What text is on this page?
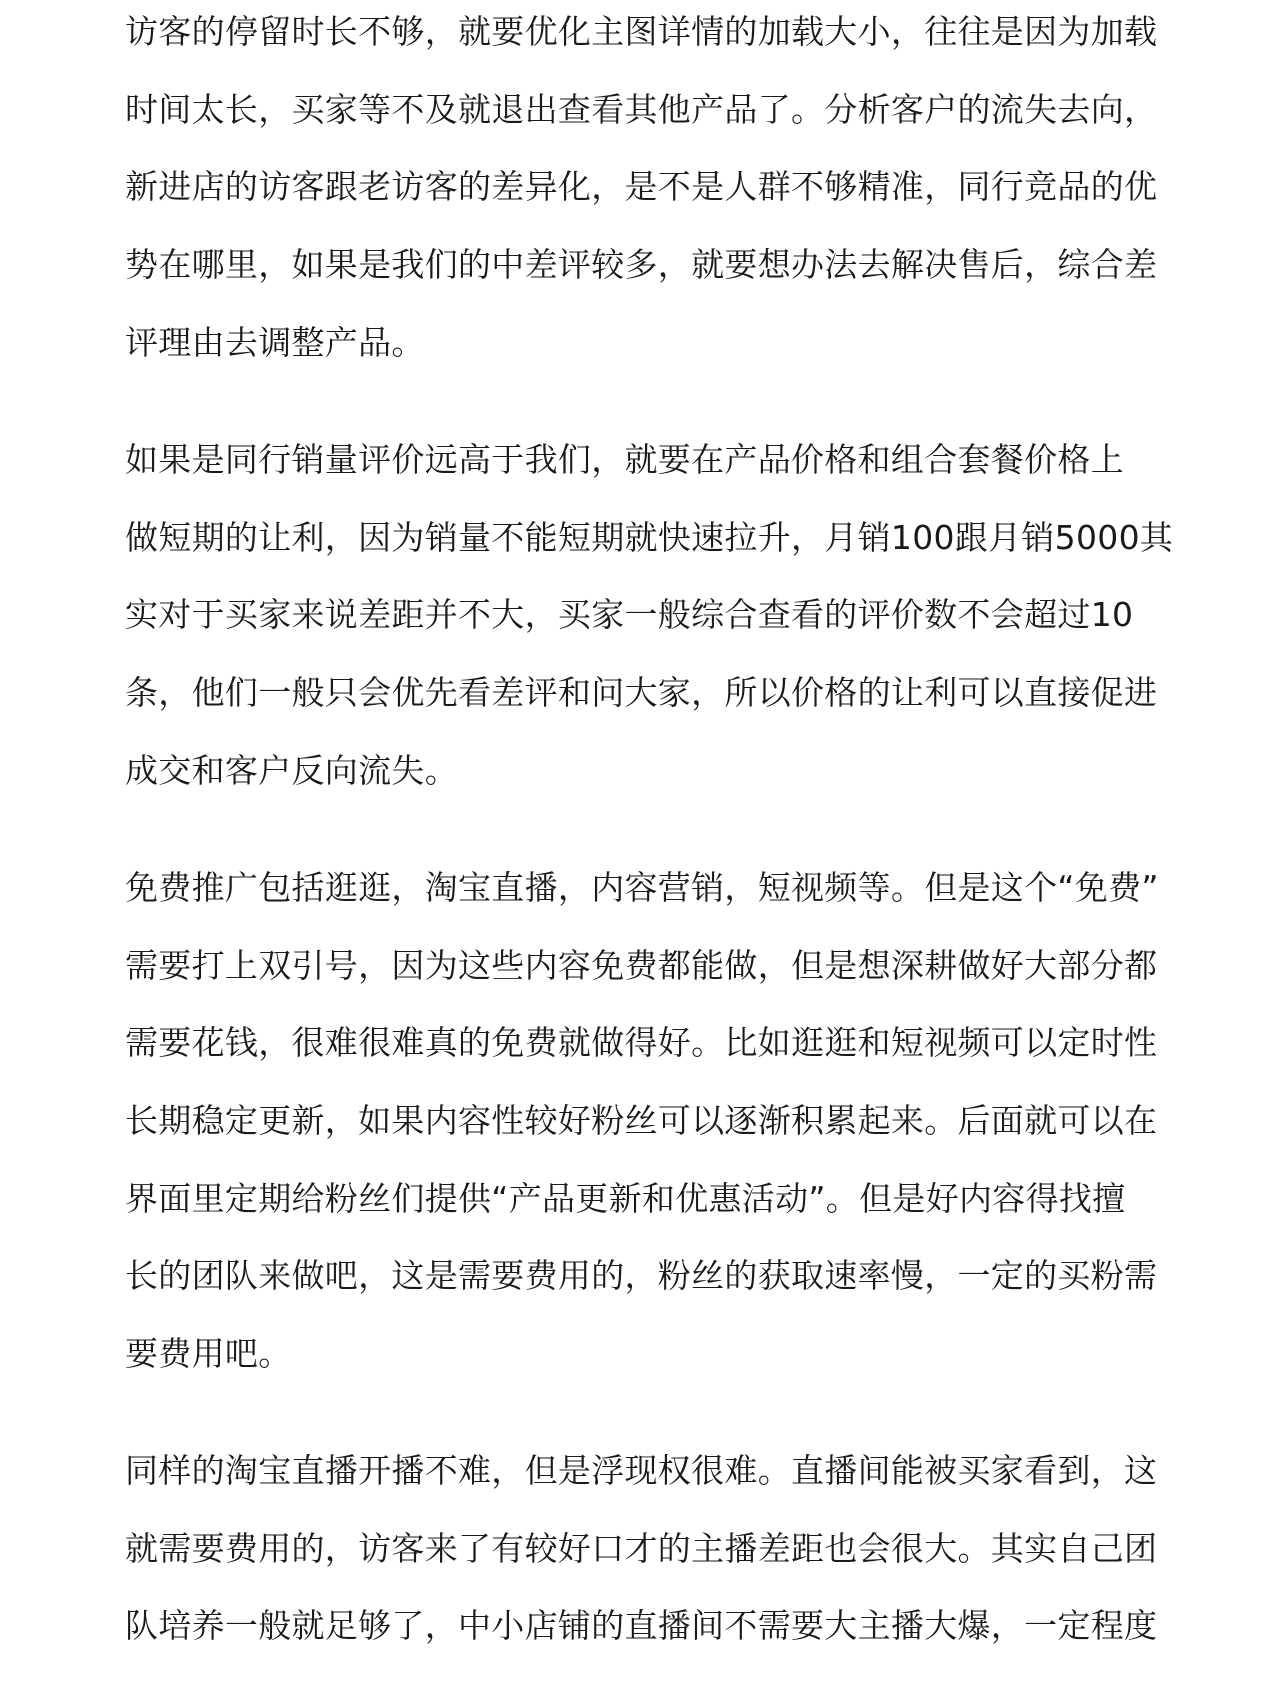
访客的停留时长不够，就要优化主图详情的加载大小，往往是因为加载
时间太长，买家等不及就退出查看其他产品了。分析客户的流失去向，
新进店的访客跟老访客的差异化，是不是人群不够精准，同行竞品的优
势在哪里，如果是我们的中差评较多，就要想办法去解决售后，综合差
评理由去调整产品。

如果是同行销量评价远高于我们，就要在产品价格和组合套餐价格上
做短期的让利，因为销量不能短期就快速拉升，月销100跟月销5000其
实对于买家来说差距并不大，买家一般综合查看的评价数不会超过10
条，他们一般只会优先看差评和问大家，所以价格的让利可以直接促进
成交和客户反向流失。

免费推广包括逛逛，淘宝直播，内容营销，短视频等。但是这个“免费”
需要打上双引号，因为这些内容免费都能做，但是想深耕做好大部分都
需要花钱，很难很难真的免费就做得好。比如逛逛和短视频可以定时性
长期稳定更新，如果内容性较好粉丝可以逐渐积累起来。后面就可以在
界面里定期给粉丝们提供“产品更新和优惠活动”。但是好内容得找擅
长的团队来做吧，这是需要费用的，粉丝的获取速率慢，一定的买粉需
要费用吧。

同样的淘宝直播开播不难，但是浮现权很难。直播间能被买家看到，这
就需要费用的，访客来了有较好口才的主播差距也会很大。其实自己团
队培养一般就足够了，中小店铺的直播间不需要大主播大爆，一定程度
